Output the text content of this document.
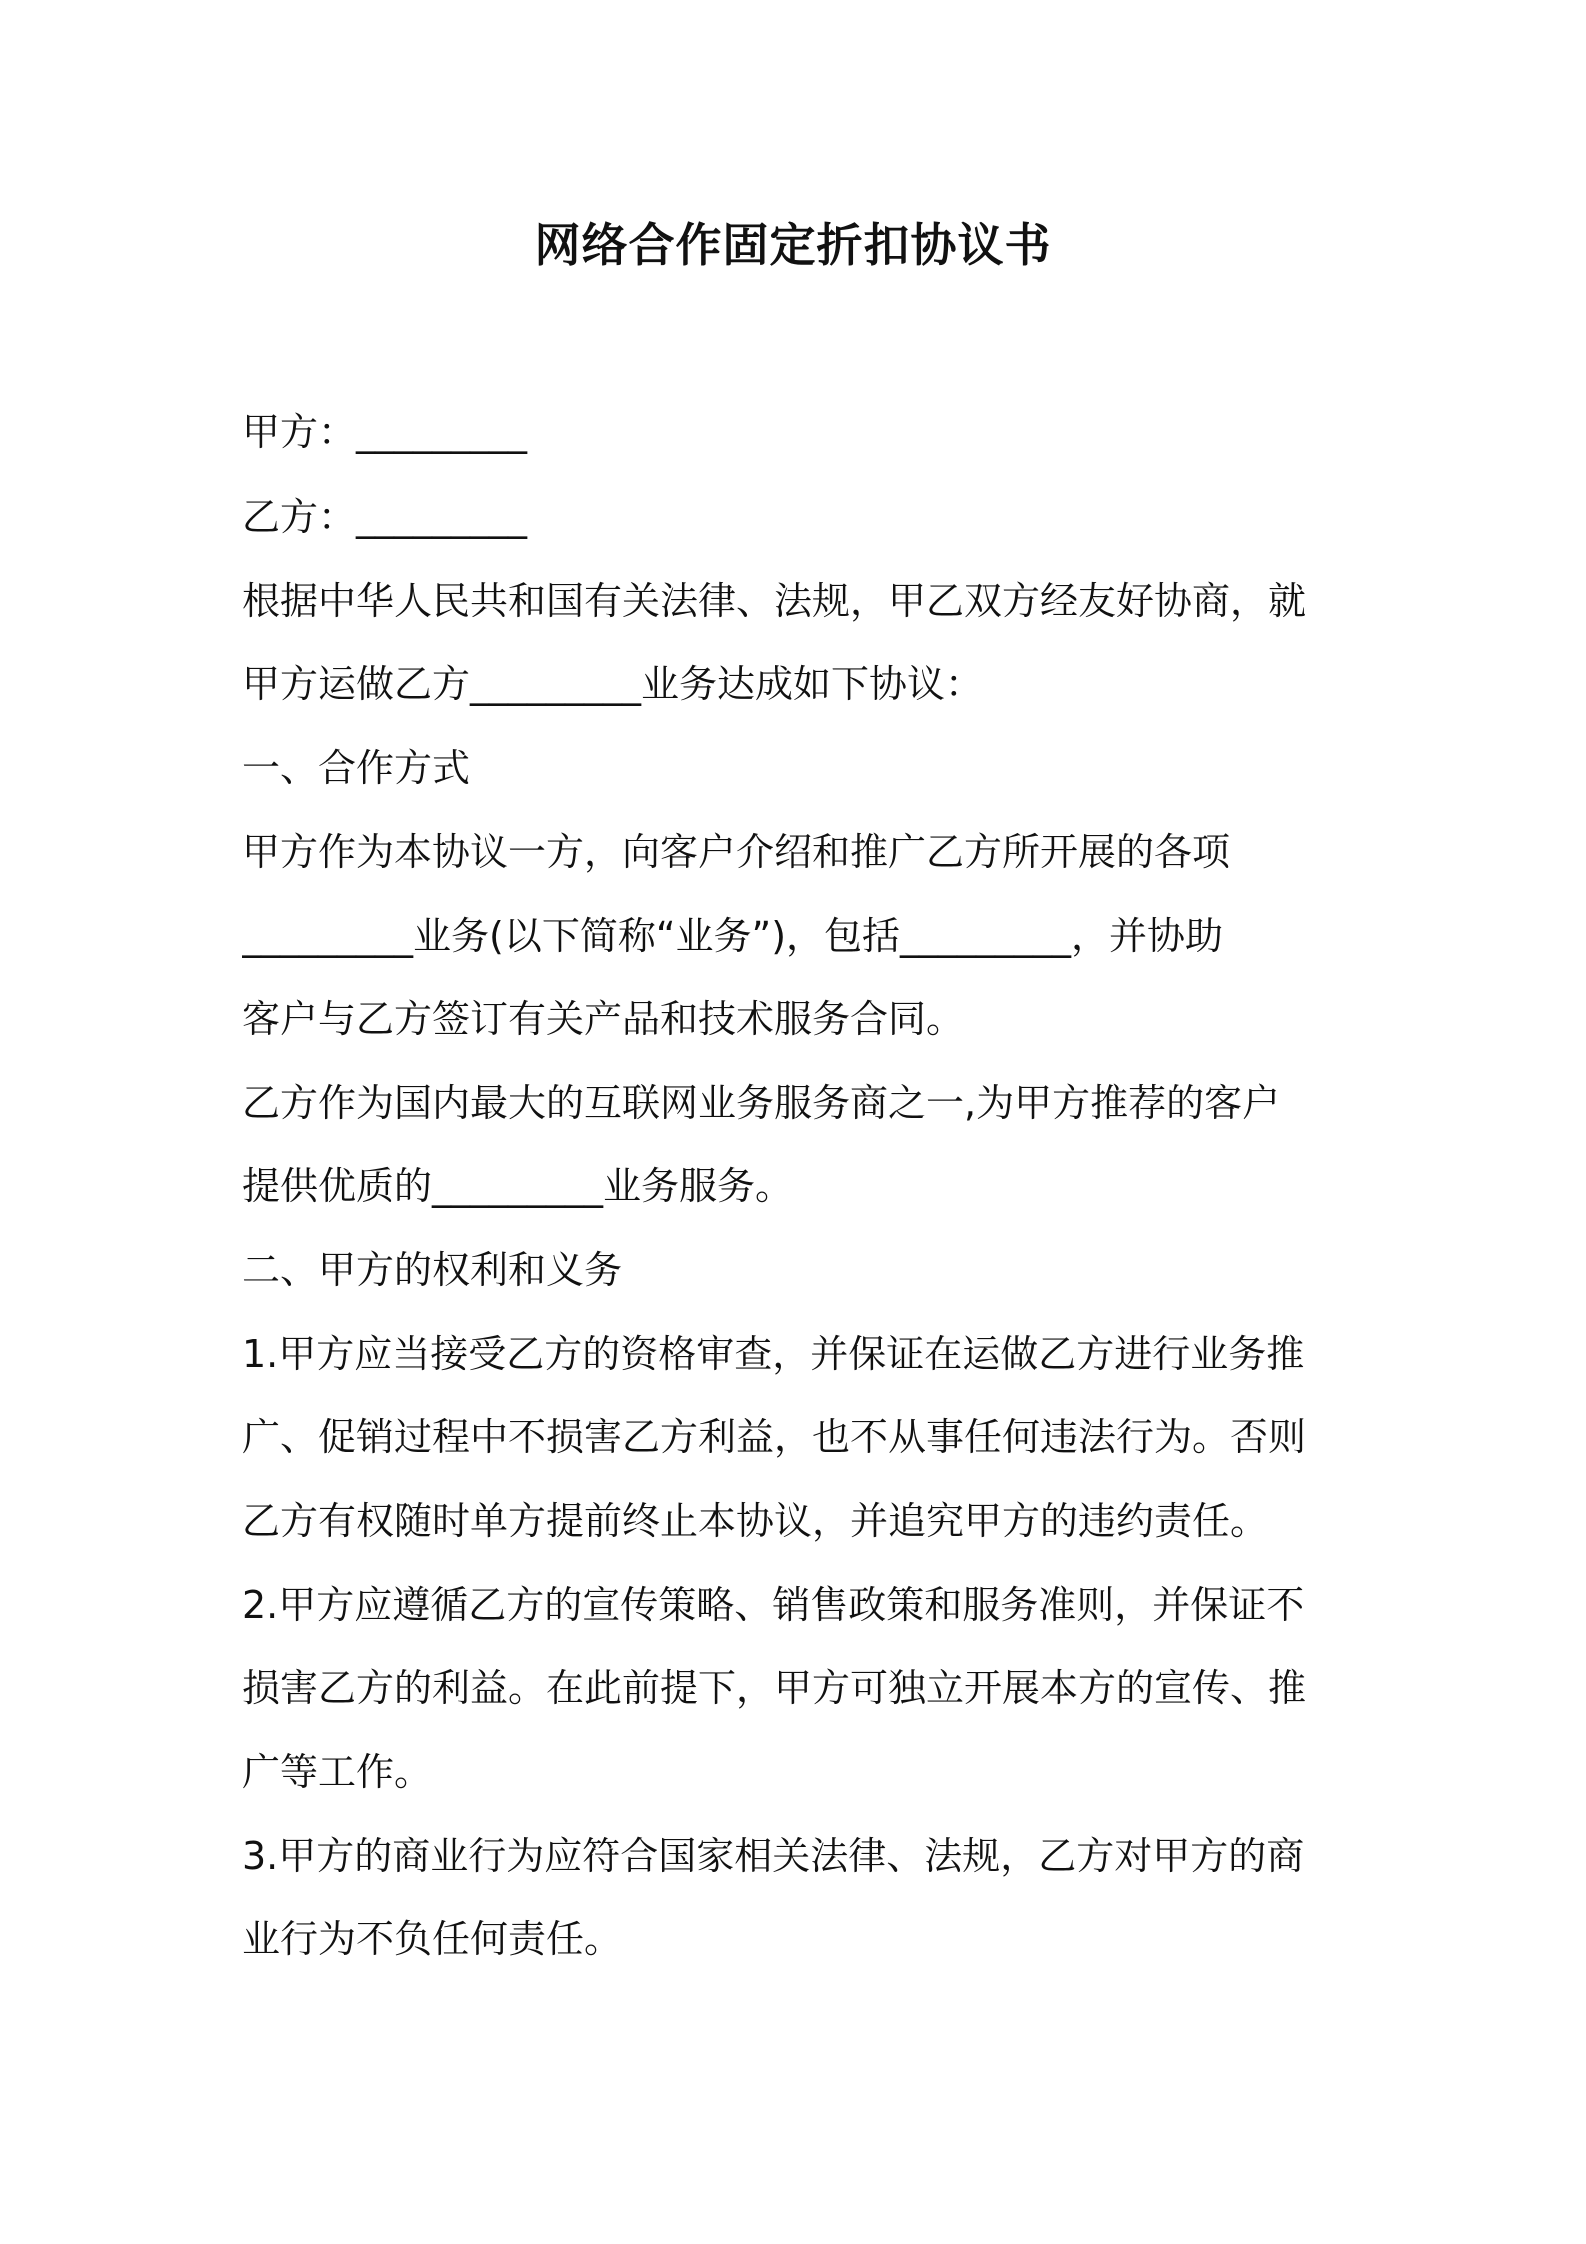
网络合作固定折扣协议书
甲方：_________
乙方：_________
根据中华人民共和国有关法律、法规，甲乙双方经友好协商，就
甲方运做乙方_________业务达成如下协议：
一、合作方式
甲方作为本协议一方，向客户介绍和推广乙方所开展的各项
_________业务(以下简称“业务”)，包括_________，并协助
客户与乙方签订有关产品和技术服务合同。
乙方作为国内最大的互联网业务服务商之一,为甲方推荐的客户
提供优质的_________业务服务。
二、甲方的权利和义务
1.甲方应当接受乙方的资格审查，并保证在运做乙方进行业务推
广、促销过程中不损害乙方利益，也不从事任何违法行为。否则
乙方有权随时单方提前终止本协议，并追究甲方的违约责任。
2.甲方应遵循乙方的宣传策略、销售政策和服务准则，并保证不
损害乙方的利益。在此前提下，甲方可独立开展本方的宣传、推
广等工作。
3.甲方的商业行为应符合国家相关法律、法规，乙方对甲方的商
业行为不负任何责任。
